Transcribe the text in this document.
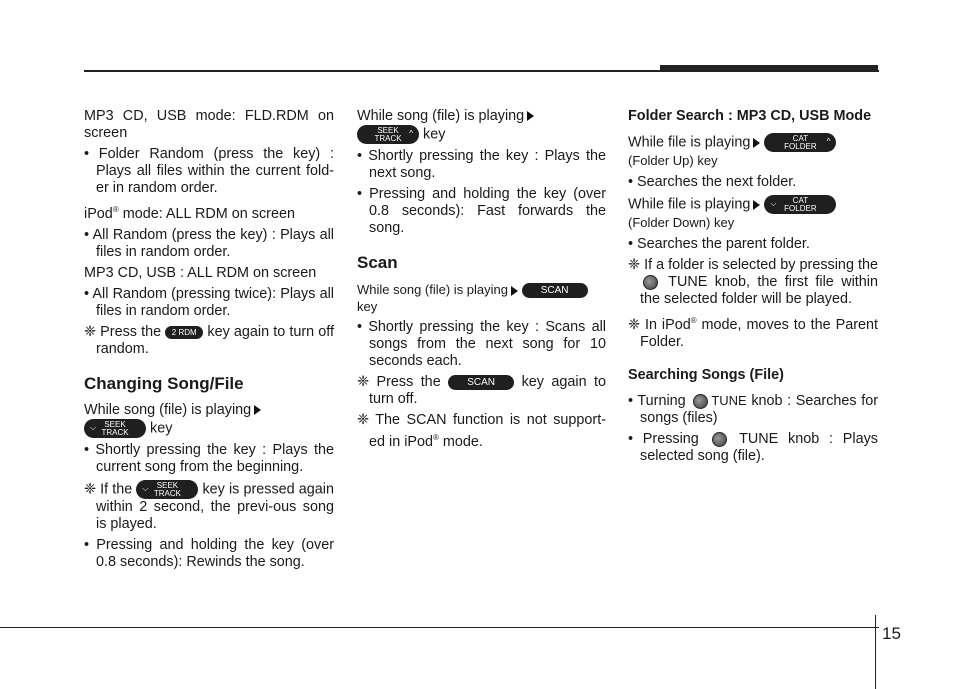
MP3 CD, USB mode: FLD.RDM on screen

• Folder Random (press the key) : Plays all files within the current fold-er in random order.

iPod® mode: ALL RDM on screen

• All Random (press the key) : Plays all files in random order.

MP3 CD, USB : ALL RDM on screen

• All Random (pressing twice): Plays all files in random order.

❈ Press the 2 RDM key again to turn off random.

Changing Song/File

While song (file) is playing
SEEK
TRACK
⌵	key

• Shortly pressing the key : Plays the current song from the beginning.

❈ If the	SEEK
TRACK
⌵	key is pressed again within 2 second, the previ-ous song is played.

• Pressing and holding the key (over 0.8 seconds): Rewinds the song.

While song (file) is playing
SEEK
TRACK
^ key

• Shortly pressing the key : Plays the next song.

• Pressing and holding the key (over 0.8 seconds): Fast forwards the song.

Scan

While song (file) is playing	SCAN
key

• Shortly pressing the key : Scans all songs from the next song for 10 seconds each.

❈ Press the	SCAN key again to turn off.

❈ The SCAN function is not support-ed in iPod® mode.

Folder Search : MP3 CD, USB Mode

While file is playing	CAT
FOLDER
^

(Folder Up) key

• Searches the next folder.

While file is playing	CAT
FOLDER
⌵

(Folder Down) key

• Searches the parent folder.

❈ If a folder is selected by pressing the  TUNE knob, the first file within the selected folder will be played.

❈ In iPod® mode, moves to the Parent Folder.

Searching Songs (File)

• Turning TUNE knob : Searches for songs (files)

• Pressing	TUNE knob : Plays selected song (file).

15
